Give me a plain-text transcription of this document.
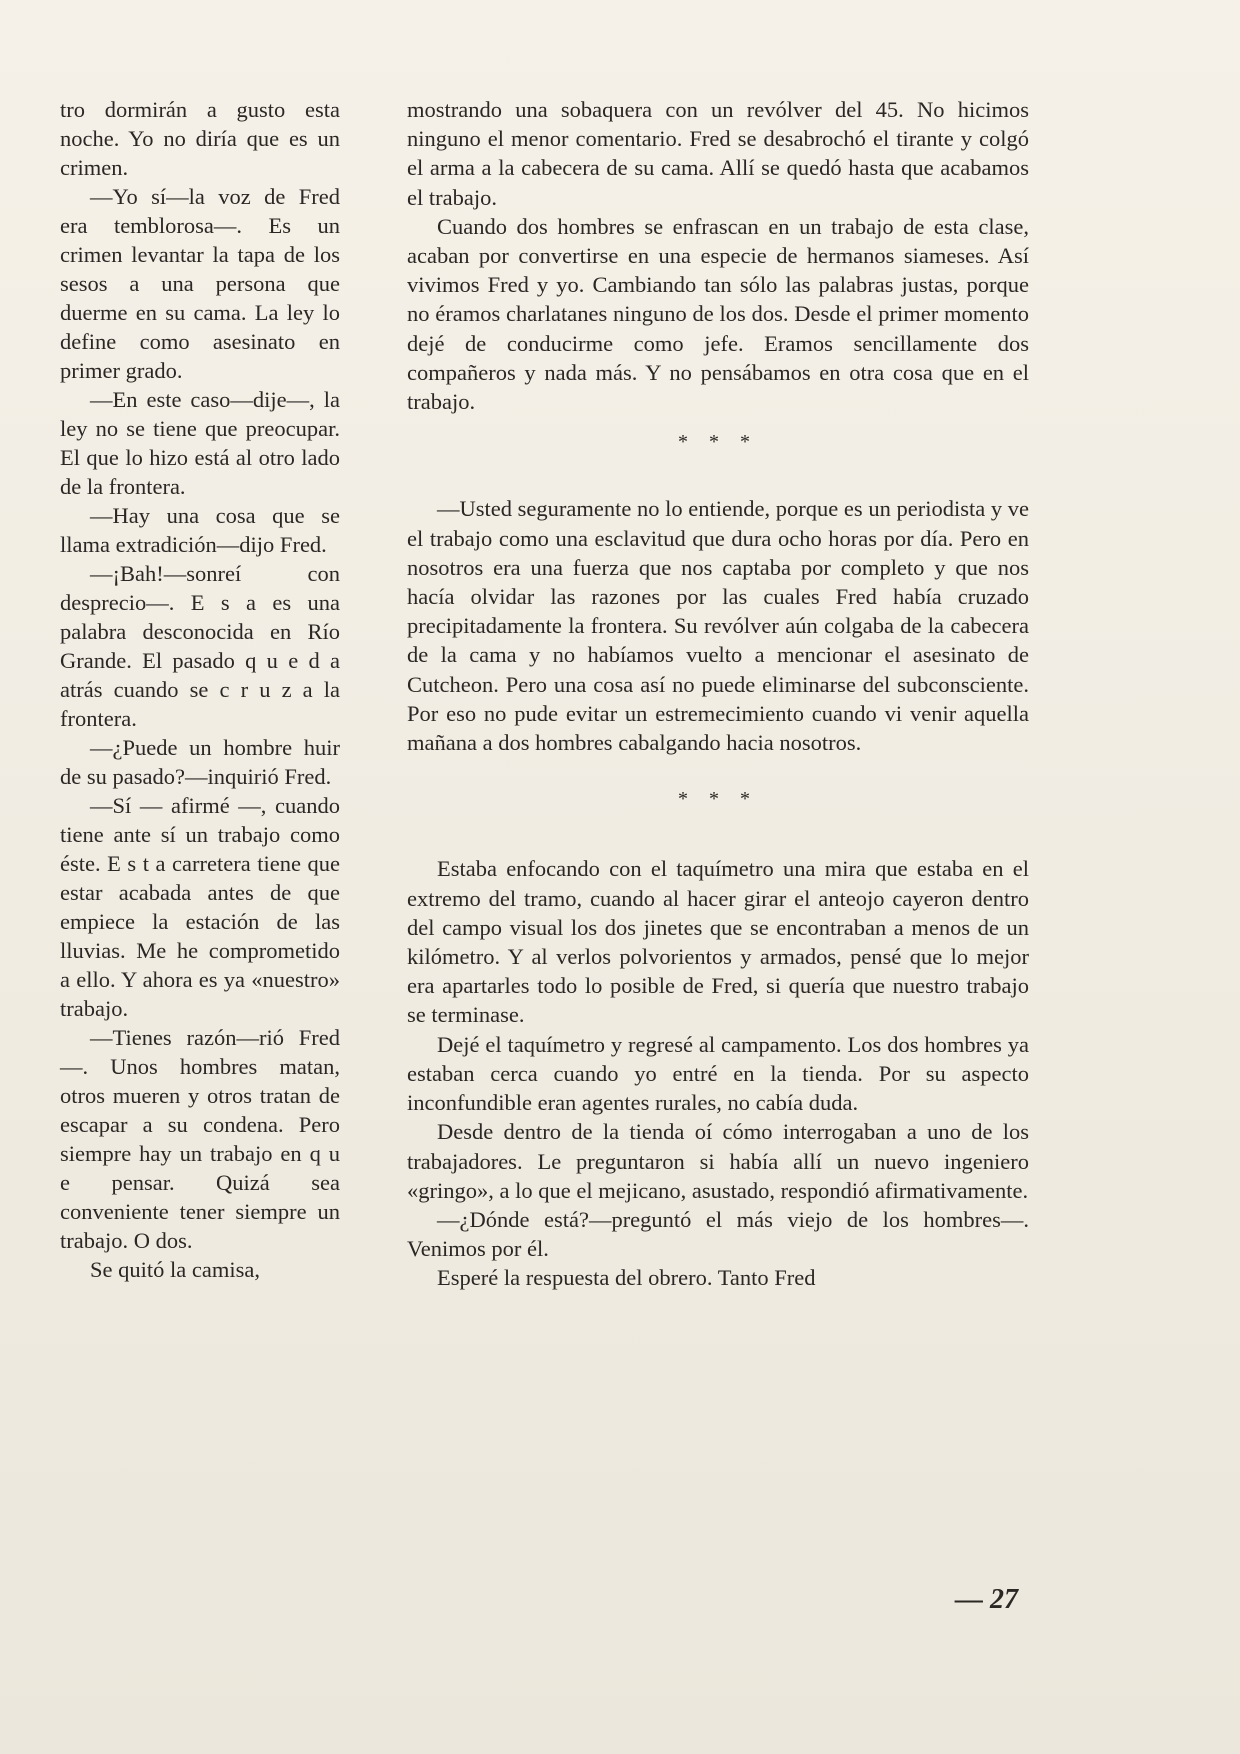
tro dormirán a gusto esta noche. Yo no diría que es un crimen.

—Yo sí—la voz de Fred era temblorosa—. Es un crimen levantar la tapa de los sesos a una persona que duerme en su cama. La ley lo define como asesinato en primer grado.

—En este caso—dije—, la ley no se tiene que preocupar. El que lo hizo está al otro lado de la frontera.

—Hay una cosa que se llama extradición—dijo Fred.

—¡Bah!—sonreí con desprecio—. E s a es una palabra desconocida en Río Grande. El pasado q u e d a atrás cuando se c r u z a la frontera.

—¿Puede un hombre huir de su pasado?—inquirió Fred.

—Sí — afirmé —, cuando tiene ante sí un trabajo como éste. E s t a carretera tiene que estar acabada antes de que empiece la estación de las lluvias. Me he comprometido a ello. Y ahora es ya «nuestro» trabajo.

—Tienes razón—rió Fred—. Unos hombres matan, otros mueren y otros tratan de escapar a su condena. Pero siempre hay un trabajo en q u e pensar. Quizá sea conveniente tener siempre un trabajo. O dos.

Se quitó la camisa,

mostrando una sobaquera con un revólver del 45. No hicimos ninguno el menor comentario. Fred se desabrochó el tirante y colgó el arma a la cabecera de su cama. Allí se quedó hasta que acabamos el trabajo.

Cuando dos hombres se enfrascan en un trabajo de esta clase, acaban por convertirse en una especie de hermanos siameses. Así vivimos Fred y yo. Cambiando tan sólo las palabras justas, porque no éramos charlatanes ninguno de los dos. Desde el primer momento dejé de conducirme como jefe. Eramos sencillamente dos compañeros y nada más. Y no pensábamos en otra cosa que en el trabajo.

* * *

—Usted seguramente no lo entiende, porque es un periodista y ve el trabajo como una esclavitud que dura ocho horas por día. Pero en nosotros era una fuerza que nos captaba por completo y que nos hacía olvidar las razones por las cuales Fred había cruzado precipitadamente la frontera. Su revólver aún colgaba de la cabecera de la cama y no habíamos vuelto a mencionar el asesinato de Cutcheon. Pero una cosa así no puede eliminarse del subconsciente. Por eso no pude evitar un estremecimiento cuando vi venir aquella mañana a dos hombres cabalgando hacia nosotros.

* * *

Estaba enfocando con el taquímetro una mira que estaba en el extremo del tramo, cuando al hacer girar el anteojo cayeron dentro del campo visual los dos jinetes que se encontraban a menos de un kilómetro. Y al verlos polvorientos y armados, pensé que lo mejor era apartarles todo lo posible de Fred, si quería que nuestro trabajo se terminase.

Dejé el taquímetro y regresé al campamento. Los dos hombres ya estaban cerca cuando yo entré en la tienda. Por su aspecto inconfundible eran agentes rurales, no cabía duda.

Desde dentro de la tienda oí cómo interrogaban a uno de los trabajadores. Le preguntaron si había allí un nuevo ingeniero «gringo», a lo que el mejicano, asustado, respondió afirmativamente.

—¿Dónde está?—preguntó el más viejo de los hombres—. Venimos por él.

Esperé la respuesta del obrero. Tanto Fred

— 27
